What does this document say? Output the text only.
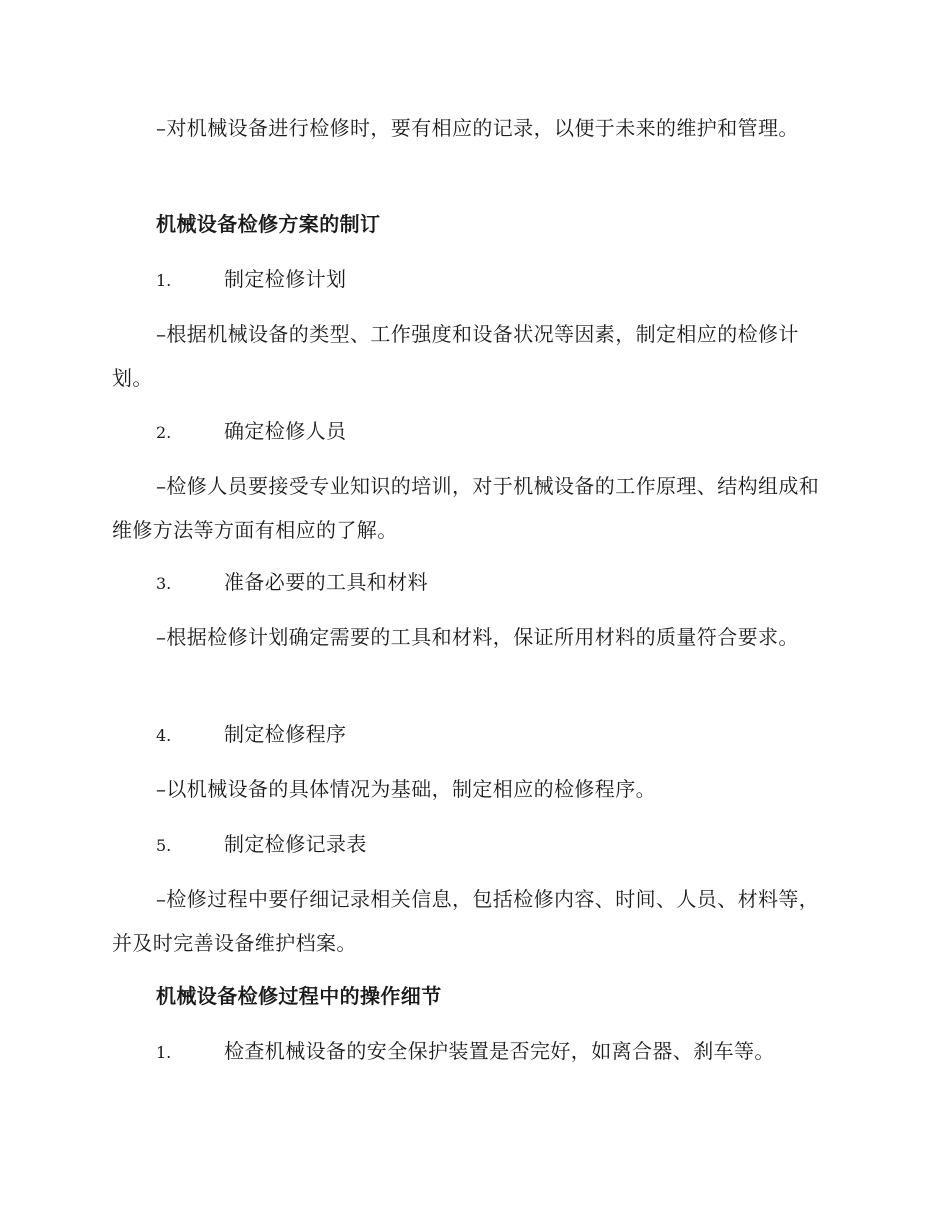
–对机械设备进行检修时，要有相应的记录，以便于未来的维护和管理。

机械设备检修方案的制订

1.	制定检修计划

–根据机械设备的类型、工作强度和设备状况等因素，制定相应的检修计划。

2.	确定检修人员

–检修人员要接受专业知识的培训，对于机械设备的工作原理、结构组成和维修方法等方面有相应的了解。

3.	准备必要的工具和材料

–根据检修计划确定需要的工具和材料，保证所用材料的质量符合要求。

4.	制定检修程序

–以机械设备的具体情况为基础，制定相应的检修程序。

5.	制定检修记录表

–检修过程中要仔细记录相关信息，包括检修内容、时间、人员、材料等，并及时完善设备维护档案。

机械设备检修过程中的操作细节

1.	检查机械设备的安全保护装置是否完好，如离合器、刹车等。
